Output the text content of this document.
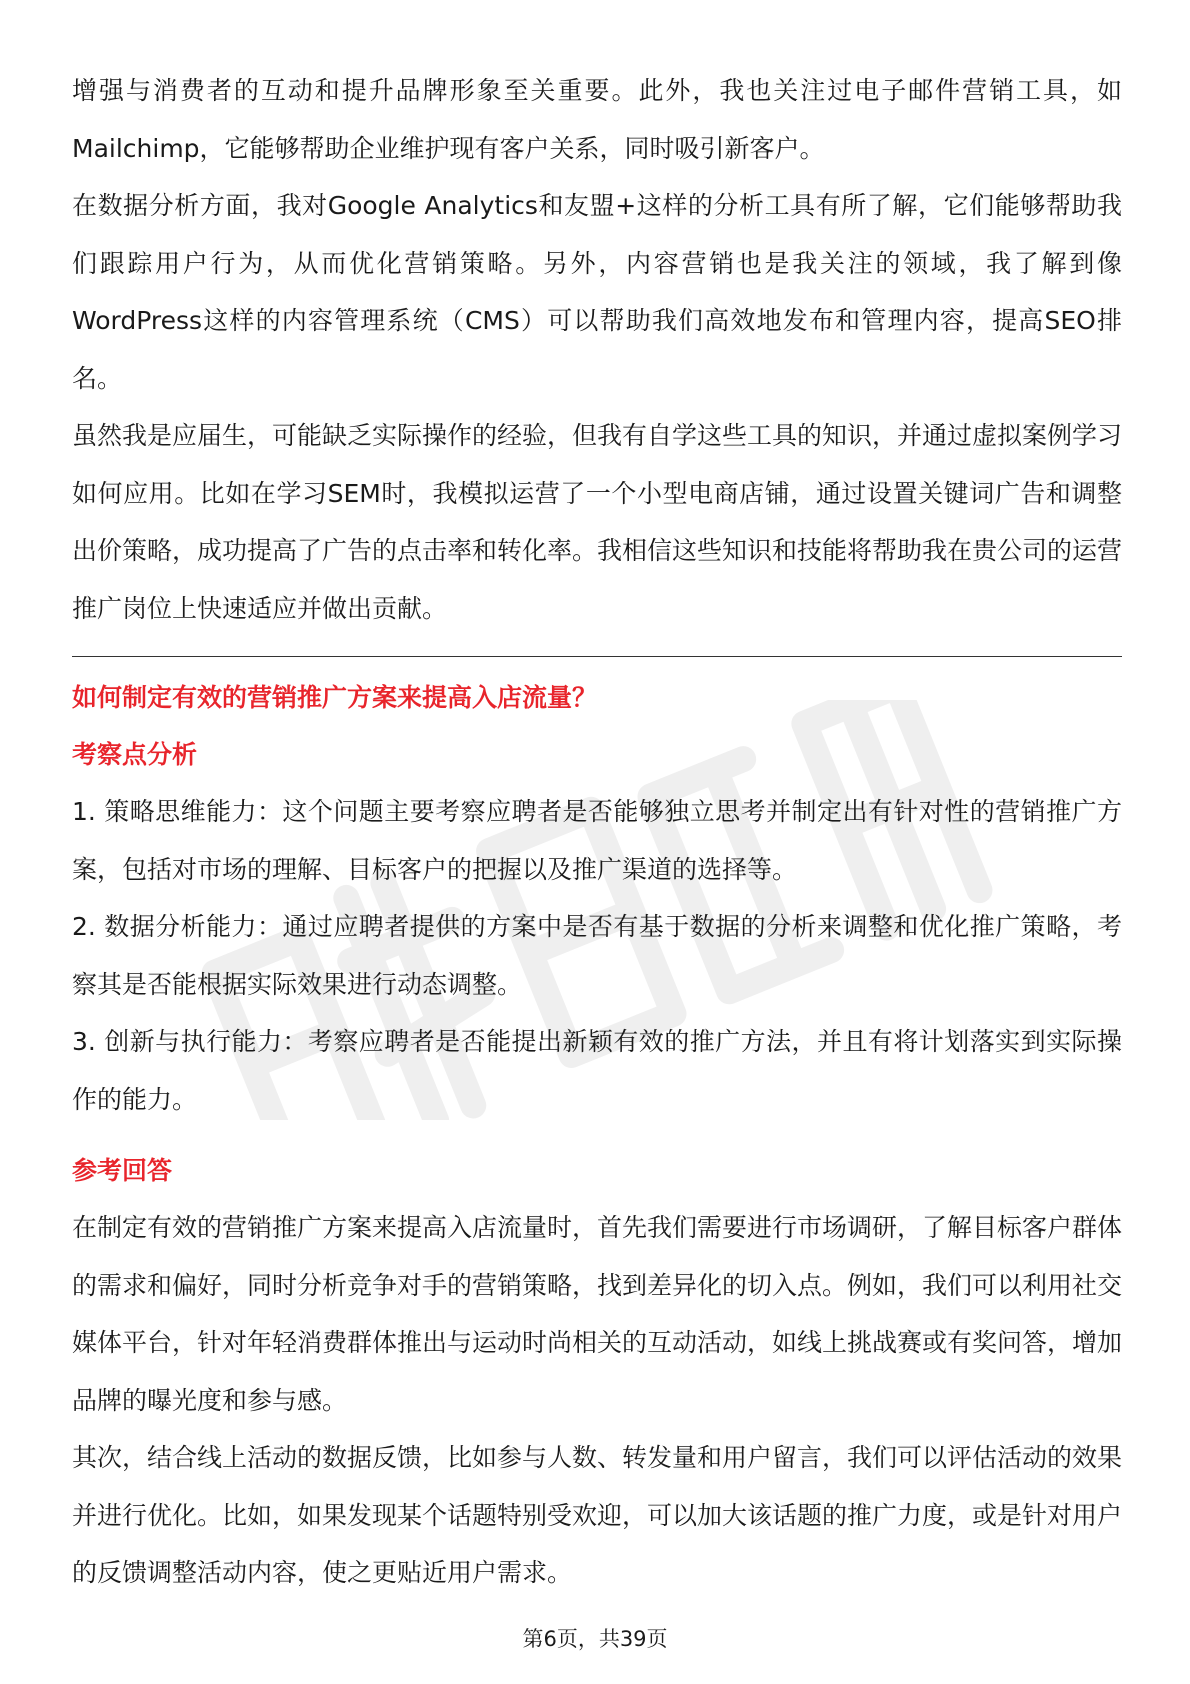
增强与消费者的互动和提升品牌形象至关重要。此外，我也关注过电子邮件营销工具，如Mailchimp，它能够帮助企业维护现有客户关系，同时吸引新客户。

在数据分析方面，我对Google Analytics和友盟+这样的分析工具有所了解，它们能够帮助我们跟踪用户行为，从而优化营销策略。另外，内容营销也是我关注的领域，我了解到像WordPress这样的内容管理系统（CMS）可以帮助我们高效地发布和管理内容，提高SEO排名。

虽然我是应届生，可能缺乏实际操作的经验，但我有自学这些工具的知识，并通过虚拟案例学习如何应用。比如在学习SEM时，我模拟运营了一个小型电商店铺，通过设置关键词广告和调整出价策略，成功提高了广告的点击率和转化率。我相信这些知识和技能将帮助我在贵公司的运营推广岗位上快速适应并做出贡献。

如何制定有效的营销推广方案来提高入店流量？
考察点分析

1. 策略思维能力：这个问题主要考察应聘者是否能够独立思考并制定出有针对性的营销推广方案，包括对市场的理解、目标客户的把握以及推广渠道的选择等。

2. 数据分析能力：通过应聘者提供的方案中是否有基于数据的分析来调整和优化推广策略，考察其是否能根据实际效果进行动态调整。

3. 创新与执行能力：考察应聘者是否能提出新颖有效的推广方法，并且有将计划落实到实际操作的能力。

参考回答

在制定有效的营销推广方案来提高入店流量时，首先我们需要进行市场调研，了解目标客户群体的需求和偏好，同时分析竞争对手的营销策略，找到差异化的切入点。例如，我们可以利用社交媒体平台，针对年轻消费群体推出与运动时尚相关的互动活动，如线上挑战赛或有奖问答，增加品牌的曝光度和参与感。

其次，结合线上活动的数据反馈，比如参与人数、转发量和用户留言，我们可以评估活动的效果并进行优化。比如，如果发现某个话题特别受欢迎，可以加大该话题的推广力度，或是针对用户的反馈调整活动内容，使之更贴近用户需求。

第6页，共39页
